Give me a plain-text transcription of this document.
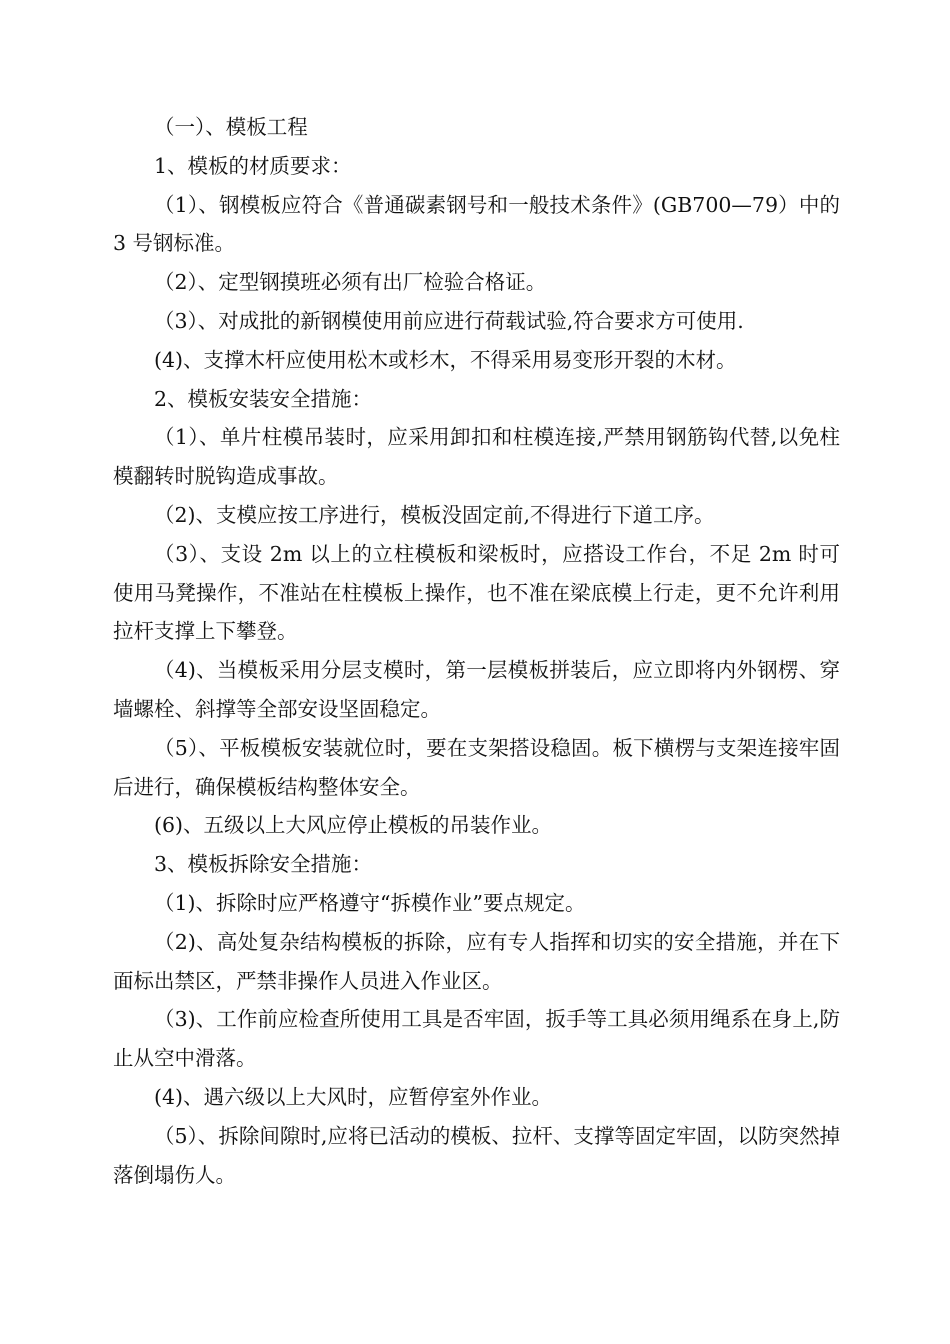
（一）、模板工程

1、模板的材质要求：

（1）、钢模板应符合《普通碳素钢号和一般技术条件》(GB700—79）中的 3 号钢标准。

（2）、定型钢摸班必须有出厂检验合格证。

（3）、对成批的新钢模使用前应进行荷载试验,符合要求方可使用.

(4)、支撑木杆应使用松木或杉木，不得采用易变形开裂的木材。

2、模板安装安全措施：

（1）、单片柱模吊装时，应采用卸扣和柱模连接,严禁用钢筋钩代替,以免柱模翻转时脱钩造成事故。

（2)、支模应按工序进行，模板没固定前,不得进行下道工序。

（3）、支设 2m 以上的立柱模板和梁板时，应搭设工作台，不足 2m 时可使用马凳操作，不准站在柱模板上操作，也不准在梁底模上行走，更不允许利用拉杆支撑上下攀登。

（4)、当模板采用分层支模时，第一层模板拼装后，应立即将内外钢楞、穿墙螺栓、斜撑等全部安设坚固稳定。

（5）、平板模板安装就位时，要在支架搭设稳固。板下横楞与支架连接牢固后进行，确保模板结构整体安全。

(6)、五级以上大风应停止模板的吊装作业。

3、模板拆除安全措施：

（1)、拆除时应严格遵守“拆模作业”要点规定。

（2)、高处复杂结构模板的拆除，应有专人指挥和切实的安全措施，并在下面标出禁区，严禁非操作人员进入作业区。

（3)、工作前应检查所使用工具是否牢固，扳手等工具必须用绳系在身上,防止从空中滑落。

(4)、遇六级以上大风时，应暂停室外作业。

（5）、拆除间隙时,应将已活动的模板、拉杆、支撑等固定牢固，以防突然掉落倒塌伤人。
